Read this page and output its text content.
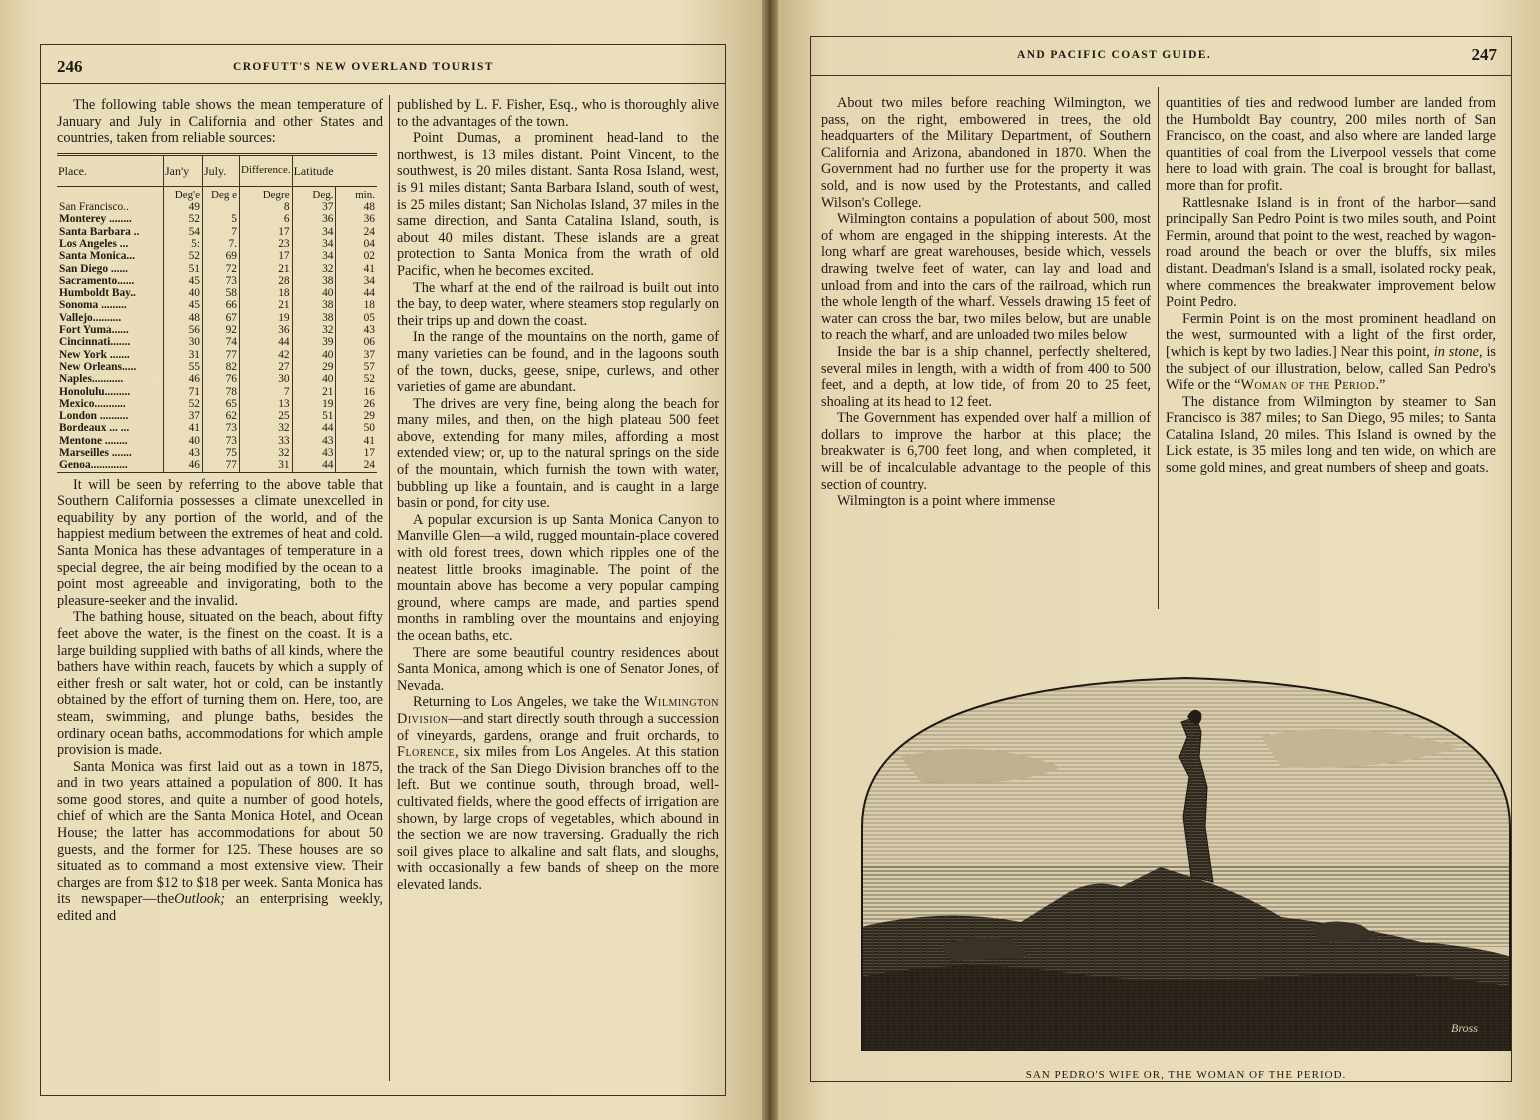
246	CROFUTT'S NEW OVERLAND TOURIST

The following table shows the mean temperature of January and July in California and other States and countries, taken from reliable sources:

Place.	Jan'y	July.	Difference.	Latitude	
	Deg'e	Deg e	Degre	Deg.	min.
San Francisco..	49		8	37	48
Monterey ........	52	5	6	36	36
Santa Barbara ..	54	7	17	34	24
Los Angeles ...	5:	7.	23	34	04
Santa Monica...	52	69	17	34	02
San Diego ......	51	72	21	32	41
Sacramento......	45	73	28	38	34
Humboldt Bay..	40	58	18	40	44
Sonoma .........	45	66	21	38	18
Vallejo..........	48	67	19	38	05
Fort Yuma......	56	92	36	32	43
Cincinnati.......	30	74	44	39	06
New York .......	31	77	42	40	37
New Orleans.....	55	82	27	29	57
Naples...........	46	76	30	40	52
Honolulu.........	71	78	7	21	16
Mexico...........	52	65	13	19	26
London ..........	37	62	25	51	29
Bordeaux ... ...	41	73	32	44	50
Mentone ........	40	73	33	43	41
Marseilles .......	43	75	32	43	17
Genoa.............	46	77	31	44	24

It will be seen by referring to the above table that Southern California possesses a climate unexcelled in equability by any portion of the world, and of the happiest medium between the extremes of heat and cold. Santa Monica has these advantages of temperature in a special degree, the air being modified by the ocean to a point most agreeable and invigorating, both to the pleasure-seeker and the invalid.

The bathing house, situated on the beach, about fifty feet above the water, is the finest on the coast. It is a large building supplied with baths of all kinds, where the bathers have within reach, faucets by which a supply of either fresh or salt water, hot or cold, can be instantly obtained by the effort of turning them on. Here, too, are steam, swimming, and plunge baths, besides the ordinary ocean baths, accommodations for which ample provision is made.

Santa Monica was first laid out as a town in 1875, and in two years attained a population of 800. It has some good stores, and quite a number of good hotels, chief of which are the Santa Monica Hotel, and Ocean House; the latter has accommodations for about 50 guests, and the former for 125. These houses are so situated as to command a most extensive view. Their charges are from $12 to $18 per week. Santa Monica has its newspaper—theOutlook; an enterprising weekly, edited and

published by L. F. Fisher, Esq., who is thoroughly alive to the advantages of the town.

Point Dumas, a prominent head-land to the northwest, is 13 miles distant. Point Vincent, to the southwest, is 20 miles distant. Santa Rosa Island, west, is 91 miles distant; Santa Barbara Island, south of west, is 25 miles distant; San Nicholas Island, 37 miles in the same direction, and Santa Catalina Island, south, is about 40 miles distant. These islands are a great protection to Santa Monica from the wrath of old Pacific, when he becomes excited.

The wharf at the end of the railroad is built out into the bay, to deep water, where steamers stop regularly on their trips up and down the coast.

In the range of the mountains on the north, game of many varieties can be found, and in the lagoons south of the town, ducks, geese, snipe, curlews, and other varieties of game are abundant.

The drives are very fine, being along the beach for many miles, and then, on the high plateau 500 feet above, extending for many miles, affording a most extended view; or, up to the natural springs on the side of the mountain, which furnish the town with water, bubbling up like a fountain, and is caught in a large basin or pond, for city use.

A popular excursion is up Santa Monica Canyon to Manville Glen—a wild, rugged mountain-place covered with old forest trees, down which ripples one of the neatest little brooks imaginable. The point of the mountain above has become a very popular camping ground, where camps are made, and parties spend months in rambling over the mountains and enjoying the ocean baths, etc.

There are some beautiful country residences about Santa Monica, among which is one of Senator Jones, of Nevada.

Returning to Los Angeles, we take the Wilmington Division—and start directly south through a succession of vineyards, gardens, orange and fruit orchards, to Florence, six miles from Los Angeles. At this station the track of the San Diego Division branches off to the left. But we continue south, through broad, well-cultivated fields, where the good effects of irrigation are shown, by large crops of vegetables, which abound in the section we are now traversing. Gradually the rich soil gives place to alkaline and salt flats, and sloughs, with occasionally a few bands of sheep on the more elevated lands.

AND PACIFIC COAST GUIDE.	247

About two miles before reaching Wilmington, we pass, on the right, embowered in trees, the old headquarters of the Military Department, of Southern California and Arizona, abandoned in 1870. When the Government had no further use for the property it was sold, and is now used by the Protestants, and called Wilson's College.

Wilmington contains a population of about 500, most of whom are engaged in the shipping interests. At the long wharf are great warehouses, beside which, vessels drawing twelve feet of water, can lay and load and unload from and into the cars of the railroad, which run the whole length of the wharf. Vessels drawing 15 feet of water can cross the bar, two miles below, but are unable to reach the wharf, and are unloaded two miles below

Inside the bar is a ship channel, perfectly sheltered, several miles in length, with a width of from 400 to 500 feet, and a depth, at low tide, of from 20 to 25 feet, shoaling at its head to 12 feet.

The Government has expended over half a million of dollars to improve the harbor at this place; the breakwater is 6,700 feet long, and when completed, it will be of incalculable advantage to the people of this section of country.

Wilmington is a point where immense

quantities of ties and redwood lumber are landed from the Humboldt Bay country, 200 miles north of San Francisco, on the coast, and also where are landed large quantities of coal from the Liverpool vessels that come here to load with grain. The coal is brought for ballast, more than for profit.

Rattlesnake Island is in front of the harbor—sand principally San Pedro Point is two miles south, and Point Fermin, around that point to the west, reached by wagon-road around the beach or over the bluffs, six miles distant. Deadman's Island is a small, isolated rocky peak, where commences the breakwater improvement below Point Pedro.

Fermin Point is on the most prominent headland on the west, surmounted with a light of the first order, [which is kept by two ladies.] Near this point, in stone, is the subject of our illustration, below, called San Pedro's Wife or the “Woman of the Period.”

The distance from Wilmington by steamer to San Francisco is 387 miles; to San Diego, 95 miles; to Santa Catalina Island, 20 miles. This Island is owned by the Lick estate, is 35 miles long and ten wide, on which are some gold mines, and great numbers of sheep and goats.

Bross
SAN PEDRO'S WIFE OR, THE WOMAN OF THE PERIOD.
